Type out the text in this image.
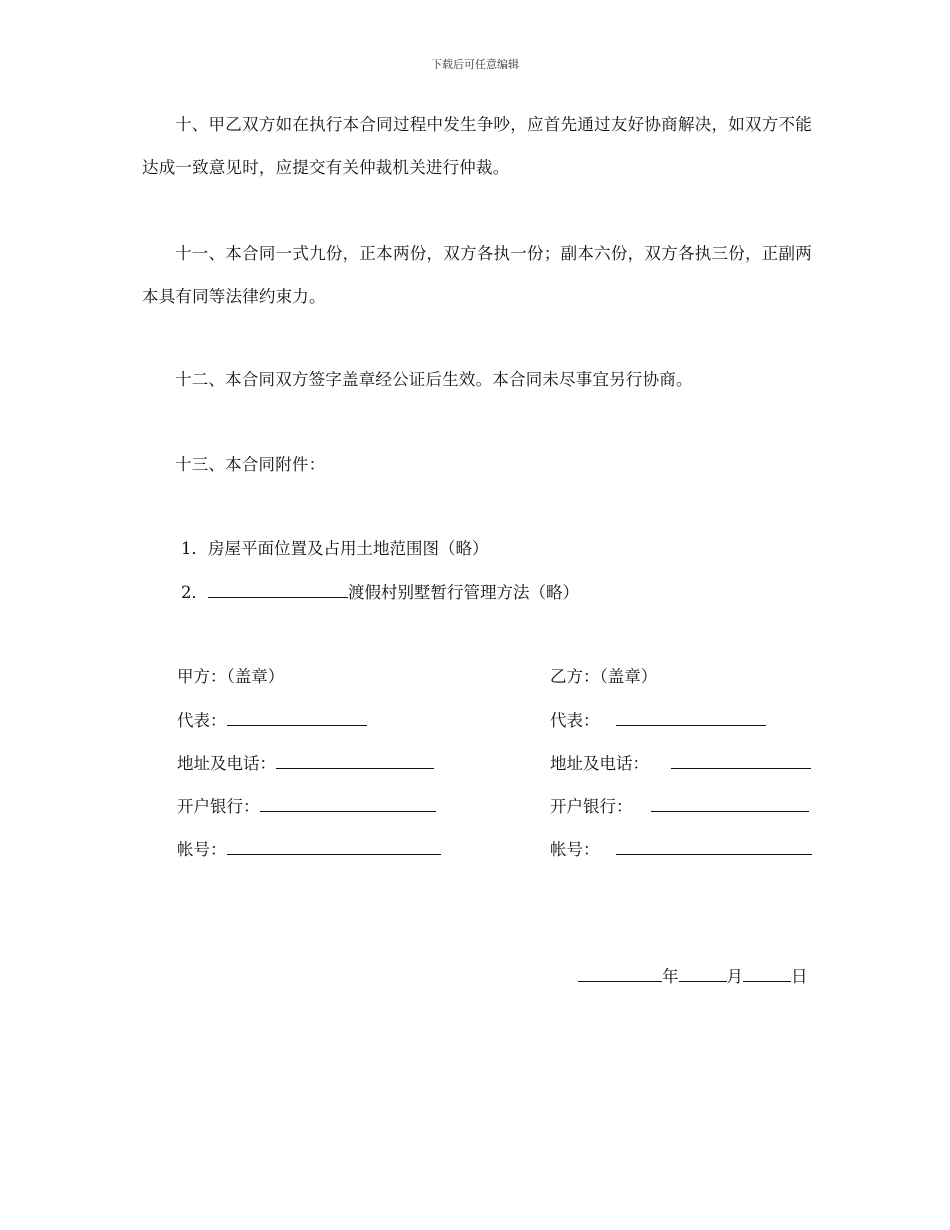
下载后可任意编辑
十、甲乙双方如在执行本合同过程中发生争吵，应首先通过友好协商解决，如双方不能达成一致意见时，应提交有关仲裁机关进行仲裁。
十一、本合同一式九份，正本两份，双方各执一份；副本六份，双方各执三份，正副两本具有同等法律约束力。
十二、本合同双方签字盖章经公证后生效。本合同未尽事宜另行协商。
十三、本合同附件：
1．房屋平面位置及占用土地范围图（略）
2．	渡假村别墅暂行管理方法（略）
甲方：（盖章）
代表：
地址及电话：
开户银行：
帐号：
乙方：（盖章）
代表：
地址及电话：
开户银行：
帐号：
年	月	日
